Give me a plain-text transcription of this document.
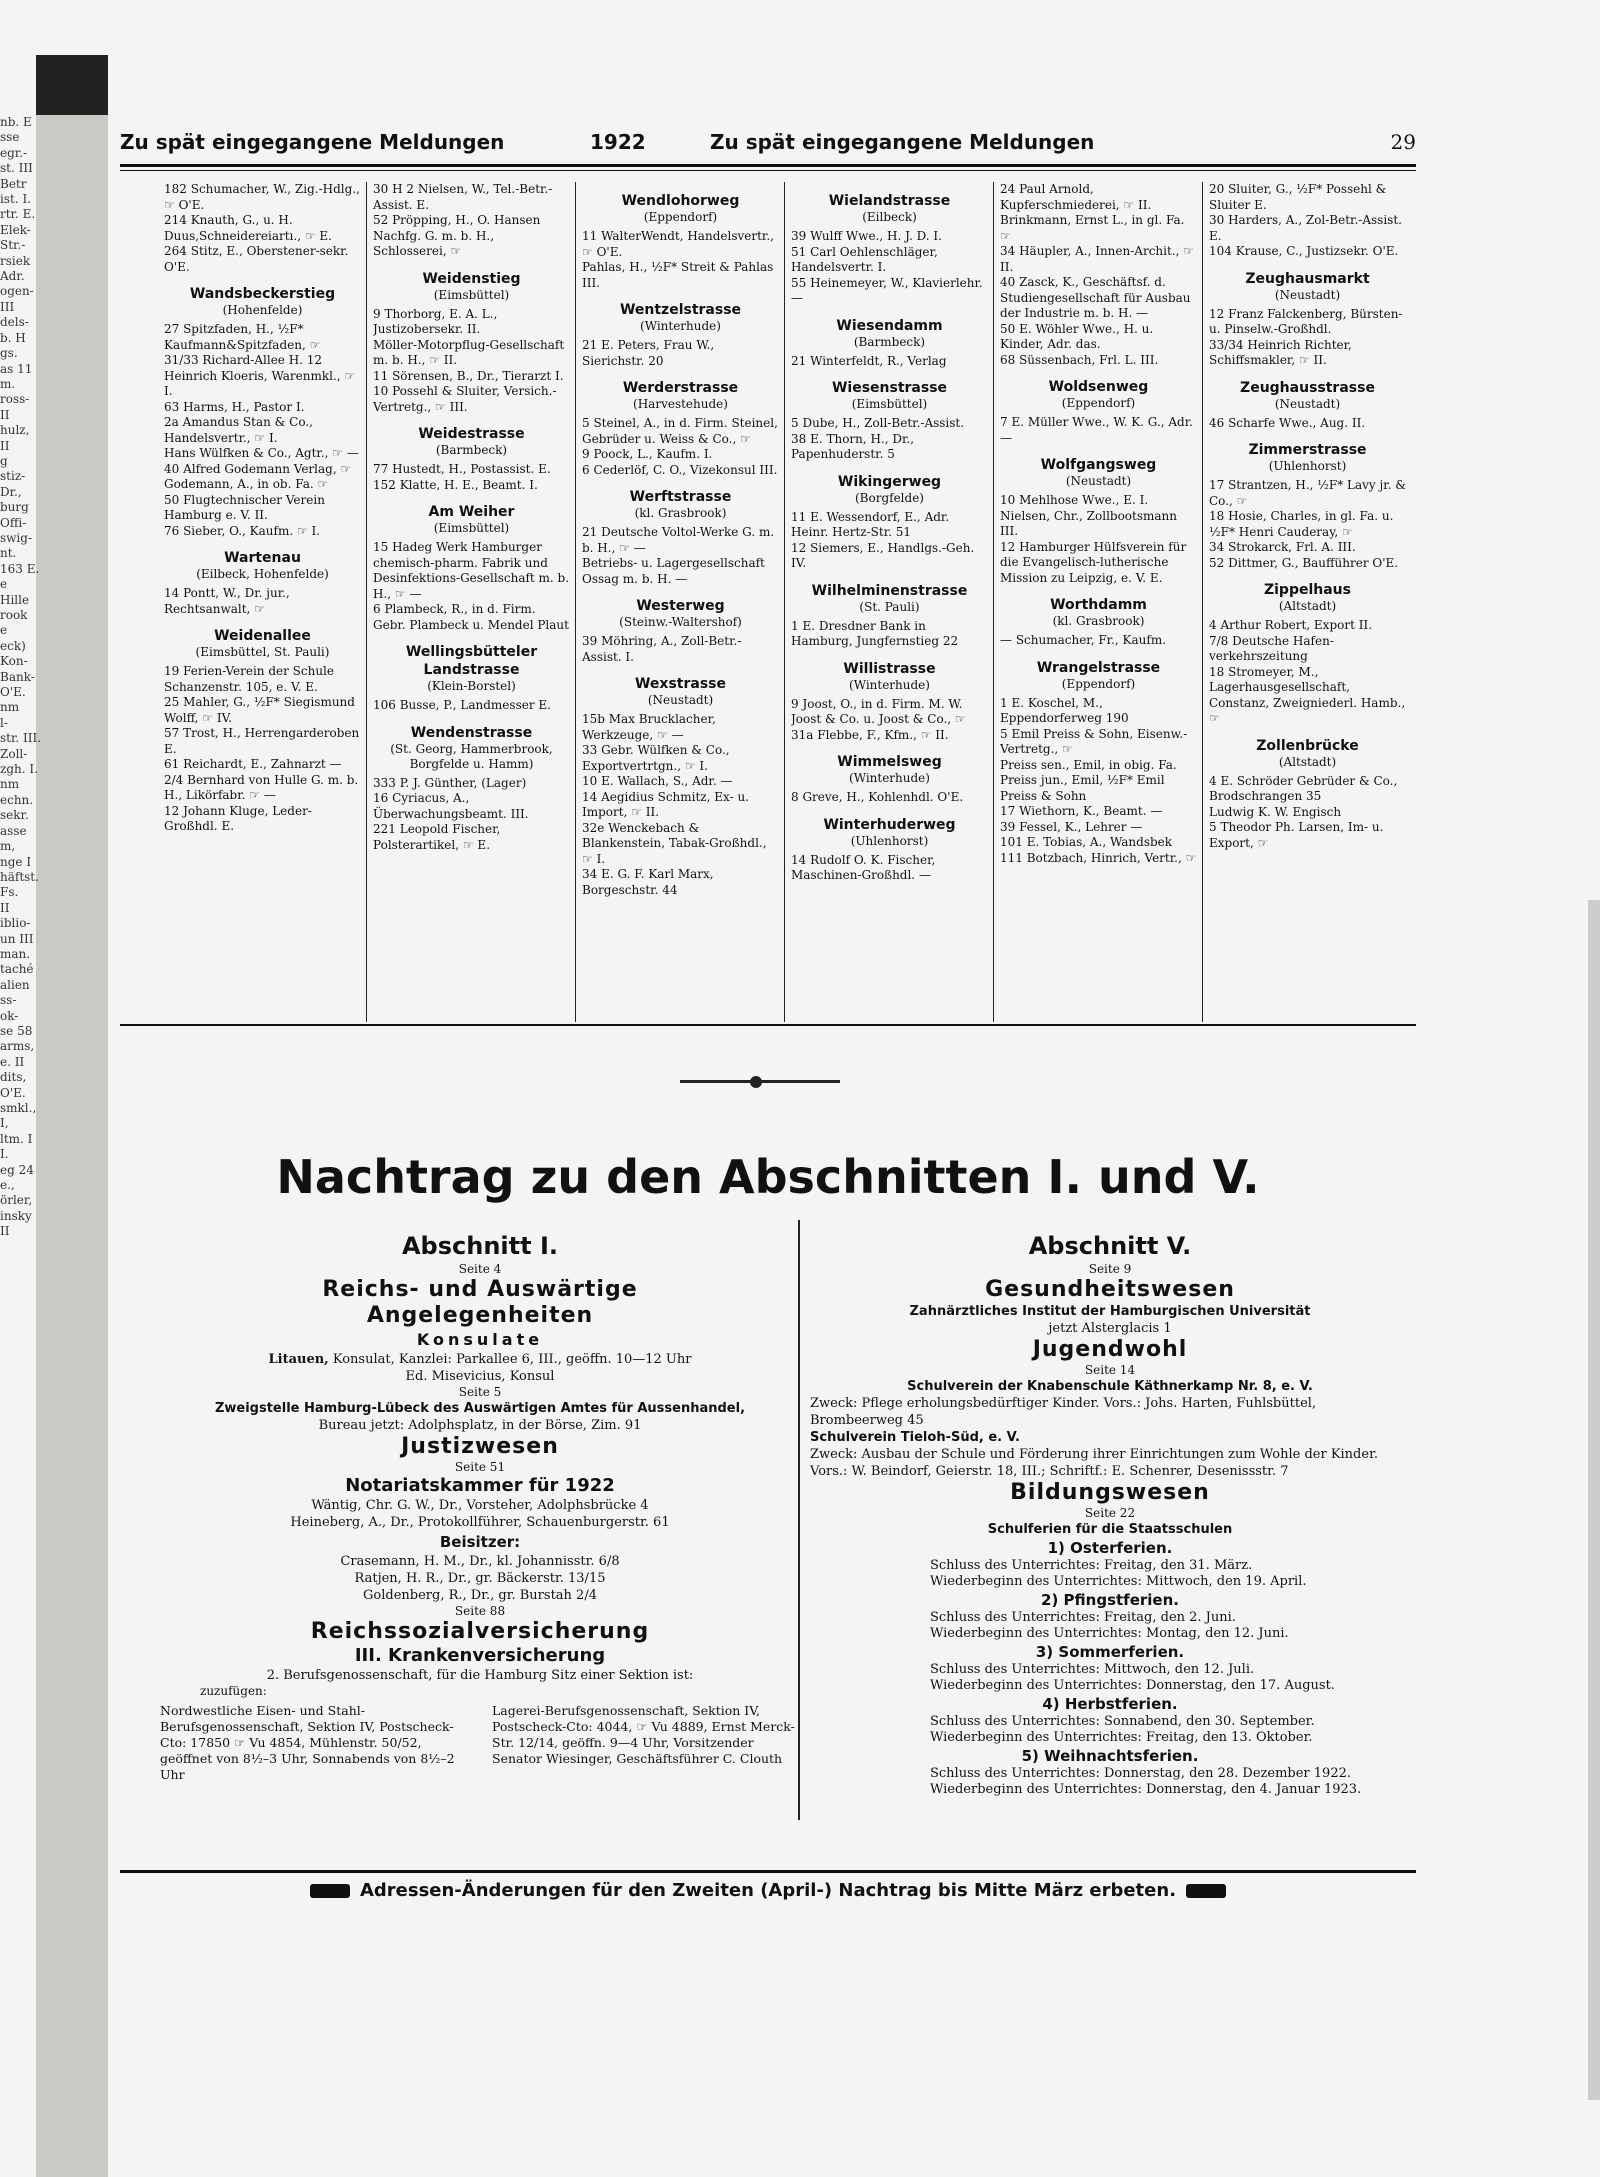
nb. E
sse
egr.-
st. III
Betr
ist. I.
rtr. E.
Elek-
Str.-
rsiek
Adr.
ogen-
III
dels-
b. H
gs.
as 11
m.
ross-
II
hulz,
II
g
stiz-
Dr.,
burg
Offi-
swig-
nt.
163 E.
e
Hille
rook
e
eck)
Kon-
Bank-
O'E.
nm
l-
str. III.
Zoll-
zgh. I.
nm
echn.
sekr.
asse
m,
nge I
häftst.
Fs.
II
iblio-
un III
man.
taché
alien
ss-
ok-
se 58
arms,
e. II
dits,
O'E.
smkl.,
I,
ltm. I
I.
eg 24
e.,
örler,
insky
II
Zu spät eingegangene Meldungen	1922	Zu spät eingegangene Meldungen	29
182 Schumacher, W., Zig.-Hdlg., ☞ O'E.
214 Knauth, G., u. H. Duus,Schneidereiartı., ☞ E.
264 Stitz, E., Oberstener-sekr. O'E.
Wandsbeckerstieg
(Hohenfelde)
27 Spitzfaden, H., ½F* Kaufmann&Spitzfaden, ☞
31/33 Richard-Allee H. 12 Heinrich Kloeris, Warenmkl., ☞ I.
63 Harms, H., Pastor I.
2a Amandus Stan & Co., Handelsvertr., ☞ I.
Hans Wülfken & Co., Agtr., ☞ —
40 Alfred Godemann Verlag, ☞
Godemann, A., in ob. Fa. ☞
50 Flugtechnischer Verein Hamburg e. V. II.
76 Sieber, O., Kaufm. ☞ I.
Wartenau
(Eilbeck, Hohenfelde)
14 Pontt, W., Dr. jur., Rechtsanwalt, ☞
Weidenallee
(Eimsbüttel, St. Pauli)
19 Ferien-Verein der Schule Schanzenstr. 105, e. V. E.
25 Mahler, G., ½F* Siegismund Wolff, ☞ IV.
57 Trost, H., Herrengarderoben E.
61 Reichardt, E., Zahnarzt —
2/4 Bernhard von Hulle G. m. b. H., Likörfabr. ☞ —
12 Johann Kluge, Leder-Großhdl. E.
30 H 2 Nielsen, W., Tel.-Betr.-Assist. E.
52 Pröpping, H., O. Hansen Nachfg. G. m. b. H., Schlosserei, ☞
Weidenstieg
(Eimsbüttel)
9 Thorborg, E. A. L., Justizobersekr. II.
Möller-Motorpflug-Gesellschaft m. b. H., ☞ II.
11 Sörensen, B., Dr., Tierarzt I.
10 Possehl & Sluiter, Versich.-Vertretg., ☞ III.
Weidestrasse
(Barmbeck)
77 Hustedt, H., Postassist. E.
152 Klatte, H. E., Beamt. I.
Am Weiher
(Eimsbüttel)
15 Hadeg Werk Hamburger chemisch-pharm. Fabrik und Desinfektions-Gesellschaft m. b. H., ☞ —
6 Plambeck, R., in d. Firm. Gebr. Plambeck u. Mendel Plaut
Wellingsbütteler Landstrasse
(Klein-Borstel)
106 Busse, P., Landmesser E.
Wendenstrasse
(St. Georg, Hammerbrook, Borgfelde u. Hamm)
333 P. J. Günther, (Lager)
16 Cyriacus, A., Überwachungsbeamt. III.
221 Leopold Fischer, Polsterartikel, ☞ E.
Wendlohorweg
(Eppendorf)
11 WalterWendt, Handelsvertr., ☞ O'E.
Pahlas, H., ½F* Streit & Pahlas III.
Wentzelstrasse
(Winterhude)
21 E. Peters, Frau W., Sierichstr. 20
Werderstrasse
(Harvestehude)
5 Steinel, A., in d. Firm. Steinel, Gebrüder u. Weiss & Co., ☞
9 Poock, L., Kaufm. I.
6 Cederlöf, C. O., Vizekonsul III.
Werftstrasse
(kl. Grasbrook)
21 Deutsche Voltol-Werke G. m. b. H., ☞ —
Betriebs- u. Lagergesellschaft Ossag m. b. H. —
Westerweg
(Steinw.-Waltershof)
39 Möhring, A., Zoll-Betr.-Assist. I.
Wexstrasse
(Neustadt)
15b Max Brucklacher, Werkzeuge, ☞ —
33 Gebr. Wülfken & Co., Exportvertrtgn., ☞ I.
10 E. Wallach, S., Adr. —
14 Aegidius Schmitz, Ex- u. Import, ☞ II.
32e Wenckebach & Blankenstein, Tabak-Großhdl., ☞ I.
34 E. G. F. Karl Marx, Borgeschstr. 44
Wielandstrasse
(Eilbeck)
39 Wulff Wwe., H. J. D. I.
51 Carl Oehlenschläger, Handelsvertr. I.
55 Heinemeyer, W., Klavierlehr. —
Wiesendamm
(Barmbeck)
21 Winterfeldt, R., Verlag
Wiesenstrasse
(Eimsbüttel)
5 Dube, H., Zoll-Betr.-Assist.
38 E. Thorn, H., Dr., Papenhuderstr. 5
Wikingerweg
(Borgfelde)
11 E. Wessendorf, E., Adr. Heinr. Hertz-Str. 51
12 Siemers, E., Handlgs.-Geh. IV.
Wilhelminenstrasse
(St. Pauli)
1 E. Dresdner Bank in Hamburg, Jungfernstieg 22
Willistrasse
(Winterhude)
9 Joost, O., in d. Firm. M. W. Joost & Co. u. Joost & Co., ☞
31a Flebbe, F., Kfm., ☞ II.
Wimmelsweg
(Winterhude)
8 Greve, H., Kohlenhdl. O'E.
Winterhuderweg
(Uhlenhorst)
14 Rudolf O. K. Fischer, Maschinen-Großhdl. —
24 Paul Arnold, Kupferschmiederei, ☞ II.
Brinkmann, Ernst L., in gl. Fa. ☞
34 Häupler, A., Innen-Archit., ☞ II.
40 Zasck, K., Geschäftsf. d. Studiengesellschaft für Ausbau der Industrie m. b. H. —
50 E. Wöhler Wwe., H. u. Kinder, Adr. das.
68 Süssenbach, Frl. L. III.
Woldsenweg
(Eppendorf)
7 E. Müller Wwe., W. K. G., Adr. —
Wolfgangsweg
(Neustadt)
10 Mehlhose Wwe., E. I.
Nielsen, Chr., Zollbootsmann III.
12 Hamburger Hülfsverein für die Evangelisch-lutherische Mission zu Leipzig, e. V. E.
Worthdamm
(kl. Grasbrook)
— Schumacher, Fr., Kaufm.
Wrangelstrasse
(Eppendorf)
1 E. Koschel, M., Eppendorferweg 190
5 Emil Preiss & Sohn, Eisenw.-Vertretg., ☞
Preiss sen., Emil, in obig. Fa.
Preiss jun., Emil, ½F* Emil Preiss & Sohn
17 Wiethorn, K., Beamt. —
39 Fessel, K., Lehrer —
101 E. Tobias, A., Wandsbek
111 Botzbach, Hinrich, Vertr., ☞
20 Sluiter, G., ½F* Possehl & Sluiter E.
30 Harders, A., Zol-Betr.-Assist. E.
104 Krause, C., Justizsekr. O'E.
Zeughausmarkt
(Neustadt)
12 Franz Falckenberg, Bürsten- u. Pinselw.-Großhdl.
33/34 Heinrich Richter, Schiffsmakler, ☞ II.
Zeughausstrasse
(Neustadt)
46 Scharfe Wwe., Aug. II.
Zimmerstrasse
(Uhlenhorst)
17 Strantzen, H., ½F* Lavy jr. & Co., ☞
18 Hosie, Charles, in gl. Fa. u. ½F* Henri Cauderay, ☞
34 Strokarck, Frl. A. III.
52 Dittmer, G., Baufführer O'E.
Zippelhaus
(Altstadt)
4 Arthur Robert, Export II.
7/8 Deutsche Hafen-verkehrszeitung
18 Stromeyer, M., Lagerhausgesellschaft, Constanz, Zweigniederl. Hamb., ☞
Zollenbrücke
(Altstadt)
4 E. Schröder Gebrüder & Co., Brodschrangen 35
Ludwig K. W. Engisch
5 Theodor Ph. Larsen, Im- u. Export, ☞
Nachtrag zu den Abschnitten I. und V.
Abschnitt I.
Seite 4
Reichs- und Auswärtige
Angelegenheiten
Konsulate
Litauen, Konsulat, Kanzlei: Parkallee 6, III., geöffn. 10—12 Uhr
Ed. Misevicius, Konsul
Seite 5
Zweigstelle Hamburg-Lübeck des Auswärtigen Amtes für Aussenhandel,
Bureau jetzt: Adolphsplatz, in der Börse, Zim. 91
Justizwesen
Seite 51
Notariatskammer für 1922
Wäntig, Chr. G. W., Dr., Vorsteher, Adolphsbrücke 4
Heineberg, A., Dr., Protokollführer, Schauenburgerstr. 61
Beisitzer:
Crasemann, H. M., Dr., kl. Johannisstr. 6/8
Ratjen, H. R., Dr., gr. Bäckerstr. 13/15
Goldenberg, R., Dr., gr. Burstah 2/4
Seite 88
Reichssozialversicherung
III. Krankenversicherung
2. Berufsgenossenschaft, für die Hamburg Sitz einer Sektion ist:
zuzufügen:
Nordwestliche Eisen- und Stahl-Berufsgenossenschaft, Sektion IV, Postscheck-Cto: 17850 ☞ Vu 4854, Mühlenstr. 50/52, geöffnet von 8½–3 Uhr, Sonnabends von 8½–2 Uhr
Lagerei-Berufsgenossenschaft, Sektion IV, Postscheck-Cto: 4044, ☞ Vu 4889, Ernst Merck-Str. 12/14, geöffn. 9—4 Uhr, Vorsitzender Senator Wiesinger, Geschäftsführer C. Clouth
Abschnitt V.
Seite 9
Gesundheitswesen
Zahnärztliches Institut der Hamburgischen Universität
jetzt Alsterglacis 1
Jugendwohl
Seite 14
Schulverein der Knabenschule Käthnerkamp Nr. 8, e. V.
Zweck: Pflege erholungsbedürftiger Kinder. Vors.: Johs. Harten, Fuhlsbüttel, Brombeerweg 45
Schulverein Tieloh-Süd, e. V.
Zweck: Ausbau der Schule und Förderung ihrer Einrichtungen zum Wohle der Kinder. Vors.: W. Beindorf, Geierstr. 18, III.; Schriftf.: E. Schenrer, Desenissstr. 7
Bildungswesen
Seite 22
Schulferien für die Staatsschulen
1) Osterferien.
Schluss des Unterrichtes: Freitag, den 31. März.
Wiederbeginn des Unterrichtes: Mittwoch, den 19. April.
2) Pfingstferien.
Schluss des Unterrichtes: Freitag, den 2. Juni.
Wiederbeginn des Unterrichtes: Montag, den 12. Juni.
3) Sommerferien.
Schluss des Unterrichtes: Mittwoch, den 12. Juli.
Wiederbeginn des Unterrichtes: Donnerstag, den 17. August.
4) Herbstferien.
Schluss des Unterrichtes: Sonnabend, den 30. September.
Wiederbeginn des Unterrichtes: Freitag, den 13. Oktober.
5) Weihnachtsferien.
Schluss des Unterrichtes: Donnerstag, den 28. Dezember 1922.
Wiederbeginn des Unterrichtes: Donnerstag, den 4. Januar 1923.
Adressen-Änderungen für den Zweiten (April-) Nachtrag bis Mitte März erbeten.
